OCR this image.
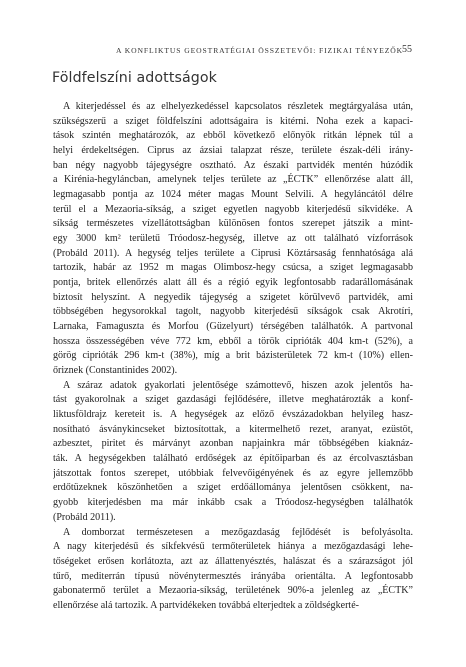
A KONFLIKTUS GEOSTRATÉGIAI ÖSSZETEVŐI: FIZIKAI TÉNYEZŐK
55
Földfelszíni adottságok

A kiterjedéssel és az elhelyezkedéssel kapcsolatos részletek megtárgyalása után,
szükségszerű a sziget földfelszíni adottságaira is kitérni. Noha ezek a kapaci-
tások szintén meghatározók, az ebből következő előnyök ritkán lépnek túl a
helyi érdekeltségen. Ciprus az ázsiai talapzat része, területe észak-déli irány-
ban négy nagyobb tájegységre osztható. Az északi partvidék mentén húzódik
a Kirénia-hegyláncban, amelynek teljes területe az „ÉCTK” ellenőrzése alatt áll,
legmagasabb pontja az 1024 méter magas Mount Selvili. A hegyláncától délre
terül el a Mezaoria-síkság, a sziget egyetlen nagyobb kiterjedésű síkvidéke. A
síkság természetes vízellátottságban különösen fontos szerepet játszik a mint-
egy 3000 km² területű Tróodosz-hegység, illetve az ott található vízforrások
(Probáld 2011). A hegység teljes területe a Ciprusi Köztársaság fennhatósága alá
tartozik, habár az 1952 m magas Olimbosz-hegy csúcsa, a sziget legmagasabb
pontja, britek ellenőrzés alatt áll és a régió egyik legfontosabb radarállomásának
biztosít helyszínt. A negyedik tájegység a szigetet körülvevő partvidék, ami
többségében hegysorokkal tagolt, nagyobb kiterjedésű síkságok csak Akrotíri,
Larnaka, Famaguszta és Morfou (Güzelyurt) térségében találhatók. A partvonal
hossza összességében véve 772 km, ebből a török ciprióták 404 km-t (52%), a
görög ciprióták 296 km-t (38%), míg a brit bázisterületek 72 km-t (10%) ellen-
őriznek (Constantinides 2002).

A száraz adatok gyakorlati jelentősége számottevő, hiszen azok jelentős ha-
tást gyakorolnak a sziget gazdasági fejlődésére, illetve meghatározták a konf-
liktusföldrajz kereteit is. A hegységek az előző évszázadokban helyileg hasz-
nosítható ásványkincseket biztosítottak, a kitermelhető rezet, aranyat, ezüstöt,
azbesztet, piritet és márványt azonban napjainkra már többségében kiaknáz-
ták. A hegységekben található erdőségek az építőiparban és az ércolvasztásban
játszottak fontos szerepet, utóbbiak felvevőigényének és az egyre jellemzőbb
erdőtüzeknek köszönhetően a sziget erdőállománya jelentősen csökkent, na-
gyobb kiterjedésben ma már inkább csak a Tróodosz-hegységben találhatók
(Probáld 2011).

A domborzat természetesen a mezőgazdaság fejlődését is befolyásolta.
A nagy kiterjedésű és síkfekvésű termőterületek hiánya a mezőgazdasági lehe-
tőségeket erősen korlátozta, azt az állattenyésztés, halászat és a szárazságot jól
tűrő, mediterrán típusú növénytermesztés irányába orientálta. A legfontosabb
gabonatermő terület a Mezaoria-síkság, területének 90%-a jelenleg az „ÉCTK”
ellenőrzése alá tartozik. A partvidékeken továbbá elterjedtek a zöldségkerté-
